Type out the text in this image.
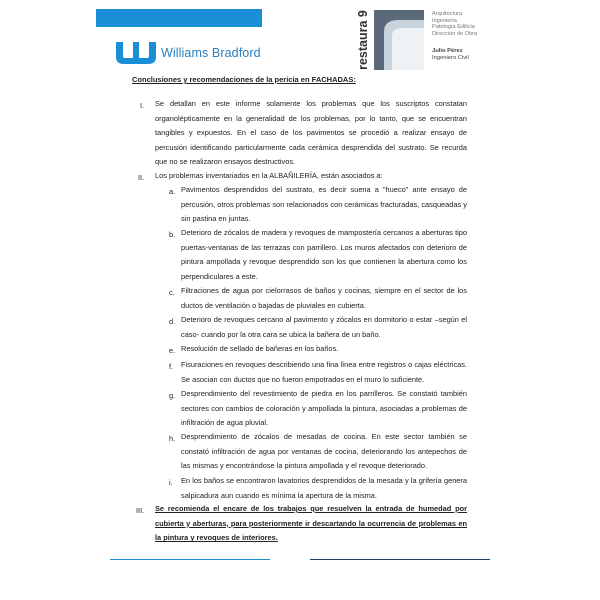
Williams Bradford	restaura 9	Arquitectura
Ingeniería
Patología Edilicia
Dirección de Obra
Julio Pérez
Ingeniero Civil
Conclusiones y recomendaciones de la pericia en FACHADAS:
I. Se detallan en este informe solamente los problemas que los suscriptos constatan organolépticamente en la generalidad de los problemas, por lo tanto, que se encuentran tangibles y expuestos. En el caso de los pavimentos se procedió a realizar ensayo de percusión identificando particularmente cada cerámica desprendida del sustrato. Se recurda que no se realizaron ensayos destructivos.
II. Los problemas inventariados en la ALBAÑILERÍA, están asociados a:
a. Pavimentos desprendidos del sustrato, es decir suena a "hueco" ante ensayo de percusión, otros problemas son relacionados con cerámicas fracturadas, casqueadas y sin pastina en juntas.
b. Deterioro de zócalos de madera y revoques de mampostería cercanos a aberturas tipo puertas-ventanas de las terrazas con parrillero. Los muros afectados con deterioro de pintura ampollada y revoque desprendido son los que contienen la abertura como los perpendiculares a este.
c. Filtraciones de agua por cielorrasos de baños y cocinas, siempre en el sector de los ductos de ventilación o bajadas de pluviales en cubierta.
d. Deterioro de revoques cercano al pavimento y zócalos en dormitorio o estar –según el caso- cuando por la otra cara se ubica la bañera de un baño.
e. Resolución de sellado de bañeras en los baños.
f. Fisuraciones en revoques describiendo una fina línea entre registros o cajas eléctricas. Se asocian con ductos que no fueron empotrados en el muro lo suficiente.
g. Desprendimiento del revestimiento de piedra en los parrilleros. Se constató también sectores con cambios de coloración y ampollada la pintura, asociadas a problemas de infiltración de agua pluvial.
h. Desprendimiento de zócalos de mesadas de cocina. En este sector también se constató infiltración de agua por ventanas de cocina, deteriorando los antepechos de las mismas y encontrándose la pintura ampollada y el revoque deteriorado.
i. En los baños se encontraron lavatorios desprendidos de la mesada y la grifería genera salpicadura aun cuando es mínima la apertura de la misma.
III. Se recomienda el encare de los trabajos que resuelven la entrada de humedad por cubierta y aberturas, para posteriormente ir descartando la ocurrencia de problemas en la pintura y revoques de interiores.
